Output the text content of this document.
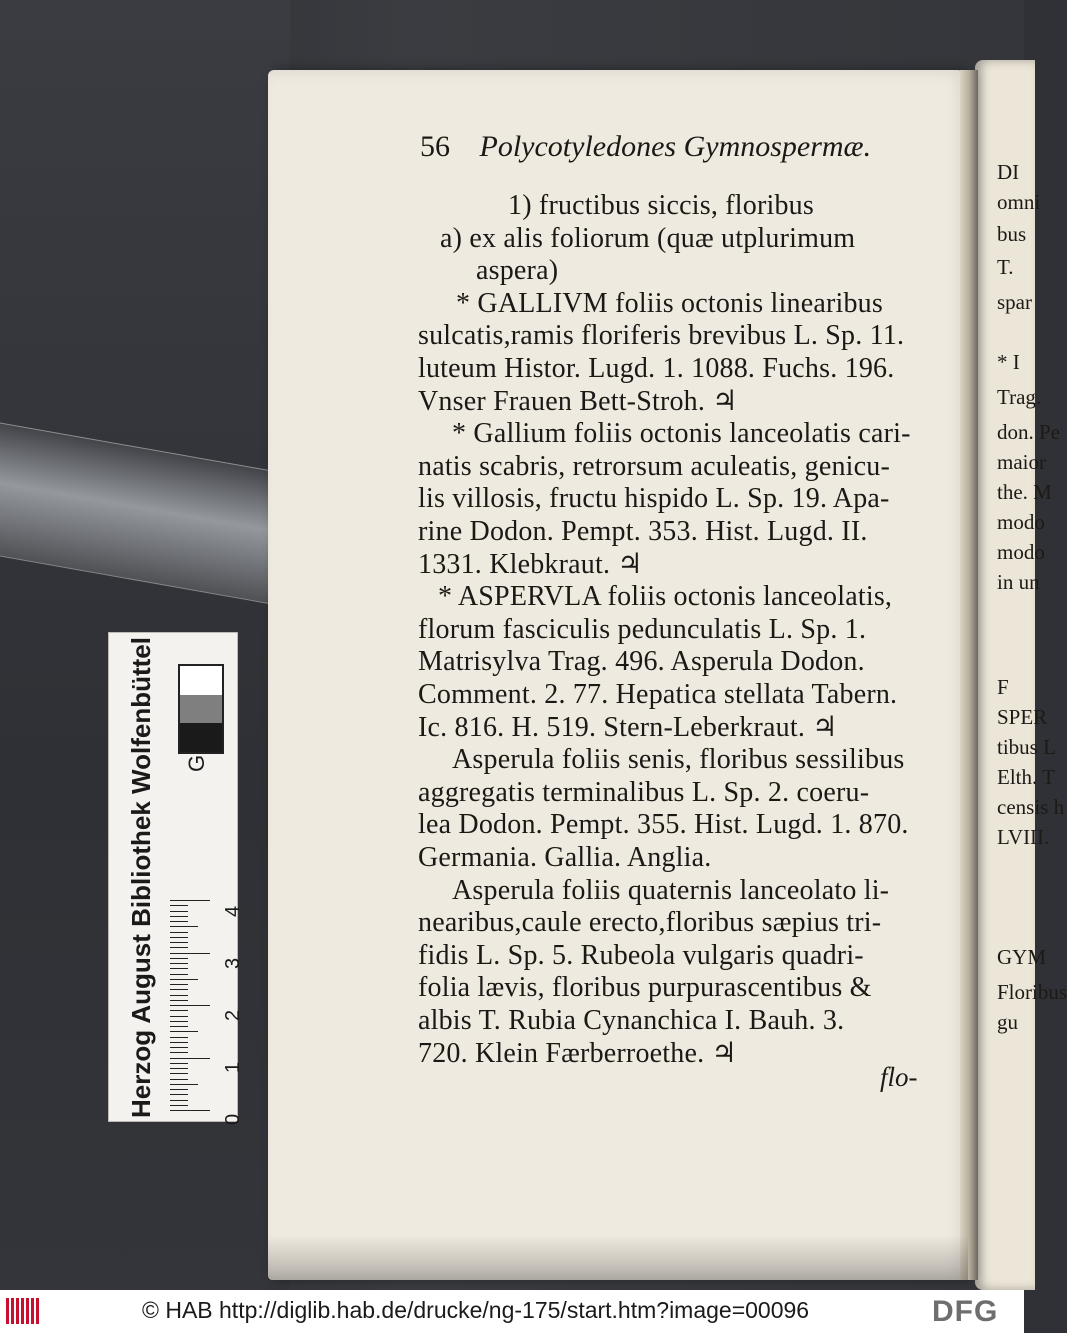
DI
omni
bus
T.
spar
* I
Trag.
don. Pe
maior
the. M
modo
modo
in un
F
SPER
tibus L
Elth. T
censis h
LVIII.
GYM
Floribus
gu
56 Polycotyledones Gymnospermæ.
1) fructibus siccis, floribus
a) ex alis foliorum (quæ utplurimum
aspera)
* GALLIVM foliis octonis linearibus
sulcatis,ramis floriferis brevibus L. Sp. 11.
luteum Histor. Lugd. 1. 1088. Fuchs. 196.
Vnser Frauen Bett-Stroh. ♃
* Gallium foliis octonis lanceolatis cari-
natis scabris, retrorsum aculeatis, genicu-
lis villosis, fructu hispido L. Sp. 19. Apa-
rine Dodon. Pempt. 353. Hist. Lugd. II.
1331. Klebkraut. ♃
* ASPERVLA foliis octonis lanceolatis,
florum fasciculis pedunculatis L. Sp. 1.
Matrisylva Trag. 496. Asperula Dodon.
Comment. 2. 77. Hepatica stellata Tabern.
Ic. 816. H. 519. Stern-Leberkraut. ♃
Asperula foliis senis, floribus sessilibus
aggregatis terminalibus L. Sp. 2. coeru-
lea Dodon. Pempt. 355. Hist. Lugd. 1. 870.
Germania. Gallia. Anglia.
Asperula foliis quaternis lanceolato li-
nearibus,caule erecto,floribus sæpius tri-
fidis L. Sp. 5. Rubeola vulgaris quadri-
folia lævis, floribus purpurascentibus &
albis T. Rubia Cynanchica I. Bauh. 3.
720. Klein Færberroethe. ♃
flo-
Herzog August Bibliothek Wolfenbüttel
© HAB http://diglib.hab.de/drucke/ng-175/start.htm?image=00096	DFG
0
1
2
3
4
